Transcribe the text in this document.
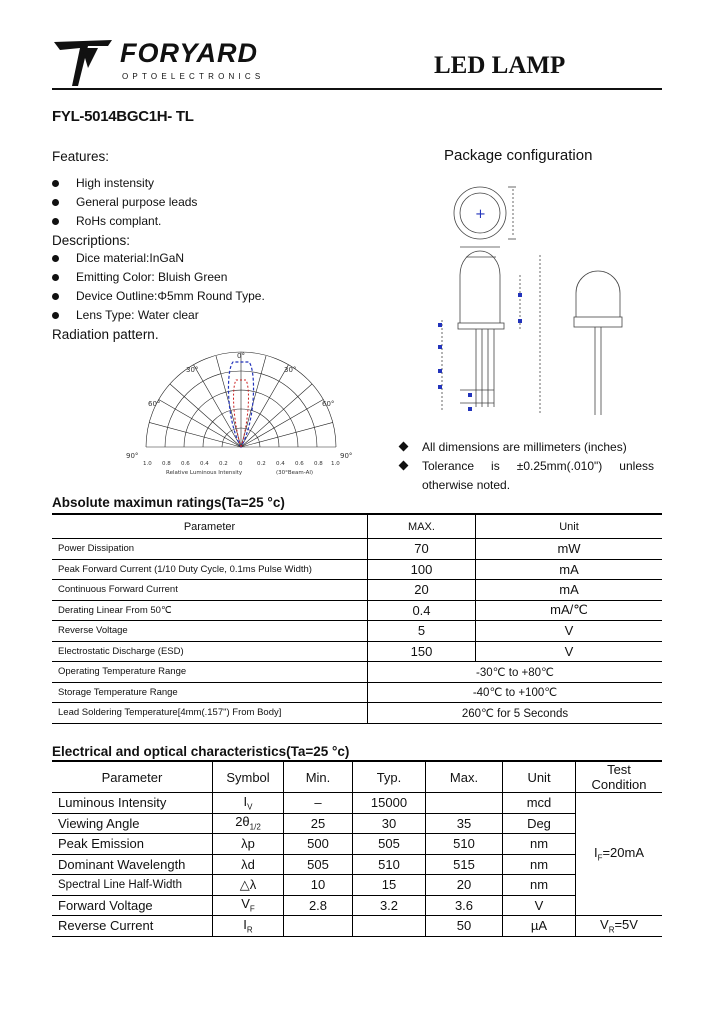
FORYARD
OPTOELECTRONICS	LED LAMP
FYL-5014BGC1H- TL
Features:
High instensity
General purpose leads
RoHs complant.
Descriptions:
Dice material:InGaN
Emitting Color: Bluish Green
Device Outline:Φ5mm Round Type.
Lens Type: Water clear
Radiation pattern.
0°
30°	30°
60°	60°
90°	90°
1.0 0.8 0.6 0.4 0.2 0	0.2 0.4 0.6 0.8 1.0
Relative Luminous Intensity	(30°Beam-Al)
Package configuration
+
All dimensions are millimeters (inches)
Tolerance is ±0.25mm(.010") unless otherwise noted.
Absolute maximun ratings(Ta=25 °c)
Parameter	MAX.	Unit
Power Dissipation	70	mW
Peak Forward Current (1/10 Duty Cycle, 0.1ms Pulse Width)	100	mA
Continuous Forward Current	20	mA
Derating Linear From 50℃	0.4	mA/℃
Reverse Voltage	5	V
Electrostatic Discharge (ESD)	150	V
Operating Temperature Range	-30℃ to +80℃	
Storage Temperature Range	-40℃ to +100℃	
Lead Soldering Temperature[4mm(.157") From Body]	260℃ for 5 Seconds	
Electrical and optical characteristics(Ta=25 °c)
Parameter	Symbol	Min.	Typ.	Max.	Unit	Test Condition
Luminous Intensity	$I_V$	–	15000		mcd	$I_F=20mA$
Viewing Angle	$2\theta_{1/2}$	25	30	35	Deg	
Peak Emission	λp	500	505	510	nm	
Dominant Wavelength	λd	505	510	515	nm	
Spectral Line Half-Width	△λ	10	15	20	nm	
Forward Voltage	$V_F$	2.8	3.2	3.6	V	
Reverse Current	$I_R$			50	µA	$V_R=5V$
